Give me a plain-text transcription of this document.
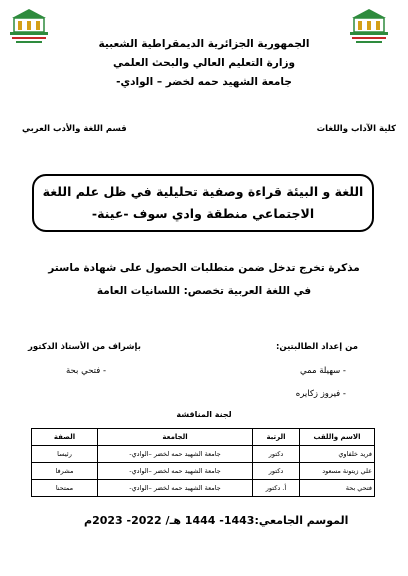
الجمهورية الجزائرية الديمقراطية الشعبية
وزارة التعليم العالي والبحث العلمي
جامعة الشهيد حمه لخضر – الوادي-
كلية الآداب واللغات
قسم اللغة والأدب العربي
اللغة و البيئة قراءة وصفية تحليلية في ظل علم اللغة
الاجتماعي منطقة وادي سوف -عينة-
مذكرة تخرج تدخل ضمن متطلبات الحصول على شهادة ماستر
في اللغة العربية تخصص: اللسانيات العامة
من إعداد الطالبتين:
بإشراف من الأستاذ الدكتور
- سهيلة ممي
- فتحي بحة
- فيروز زكايره
لجنة المناقشة
الاسم واللقب	الرتبة	الجامعة	الصفة
فريد خلفاوي	دكتور	جامعة الشهيد حمه لخضر –الوادي-	رئيسا
علي زيتونة مسعود	دكتور	جامعة الشهيد حمه لخضر –الوادي-	مشرفا
فتحي بحة	أ. دكتور	جامعة الشهيد حمه لخضر –الوادي-	ممتحنا
الموسم الجامعي:1443- 1444 هـ/ 2022- 2023م
